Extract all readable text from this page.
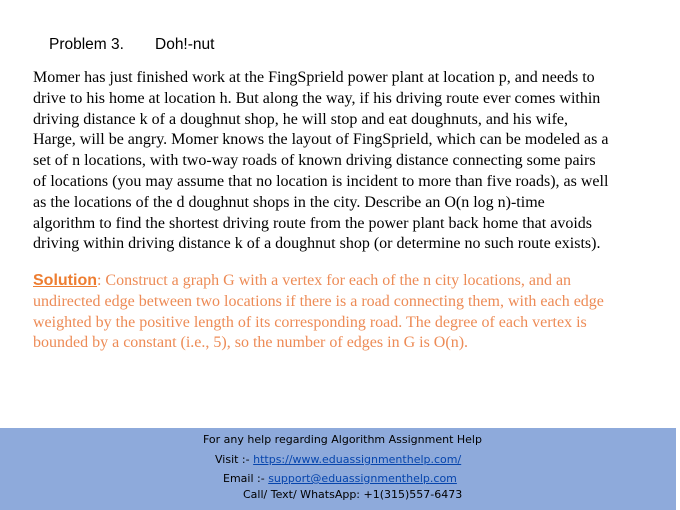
Problem 3. Doh!-nut
Momer has just finished work at the FingSprield power plant at location p, and needs to
drive to his home at location h. But along the way, if his driving route ever comes within
driving distance k of a doughnut shop, he will stop and eat doughnuts, and his wife,
Harge, will be angry. Momer knows the layout of FingSprield, which can be modeled as a
set of n locations, with two-way roads of known driving distance connecting some pairs
of locations (you may assume that no location is incident to more than five roads), as well
as the locations of the d doughnut shops in the city. Describe an O(n log n)-time
algorithm to find the shortest driving route from the power plant back home that avoids
driving within driving distance k of a doughnut shop (or determine no such route exists).
Solution: Construct a graph G with a vertex for each of the n city locations, and an
undirected edge between two locations if there is a road connecting them, with each edge
weighted by the positive length of its corresponding road. The degree of each vertex is
bounded by a constant (i.e., 5), so the number of edges in G is O(n).
For any help regarding Algorithm Assignment Help
Visit :- https://www.eduassignmenthelp.com/
Email :- support@eduassignmenthelp.com
Call/ Text/ WhatsApp: +1(315)557-6473
